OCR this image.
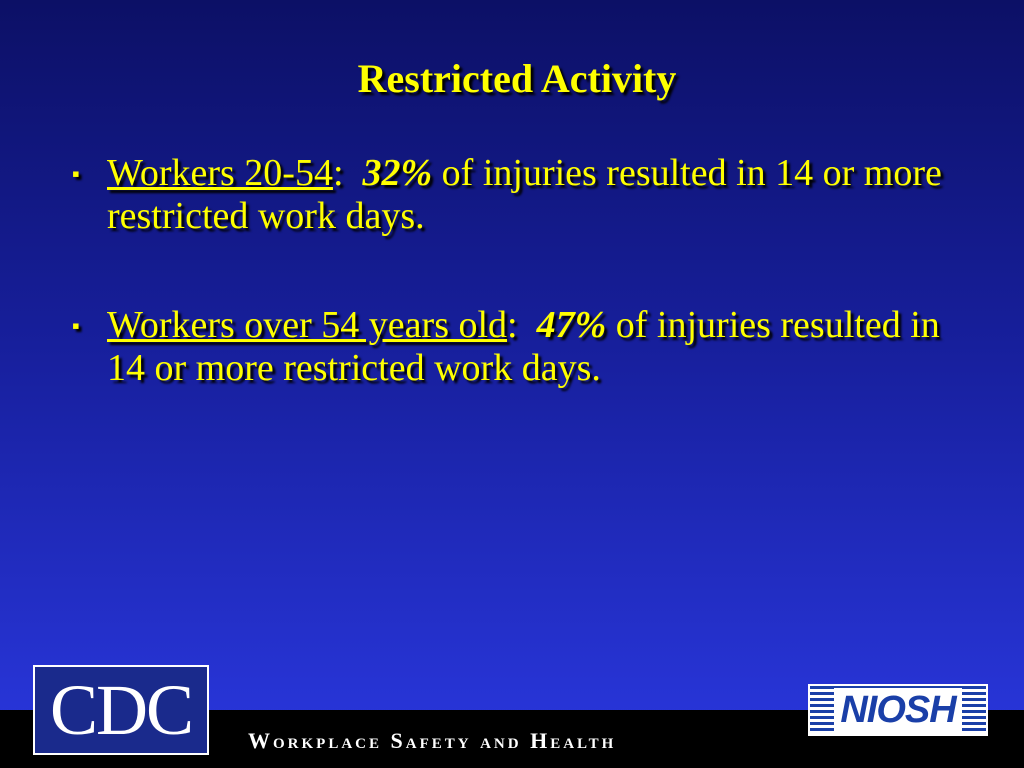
Restricted Activity
▪ Workers 20-54:  32% of injuries resulted in 14 or more restricted work days.
▪ Workers over 54 years old:  47% of injuries resulted in 14 or more restricted work days.
Workplace Safety and Health
CDC	NIOSH
